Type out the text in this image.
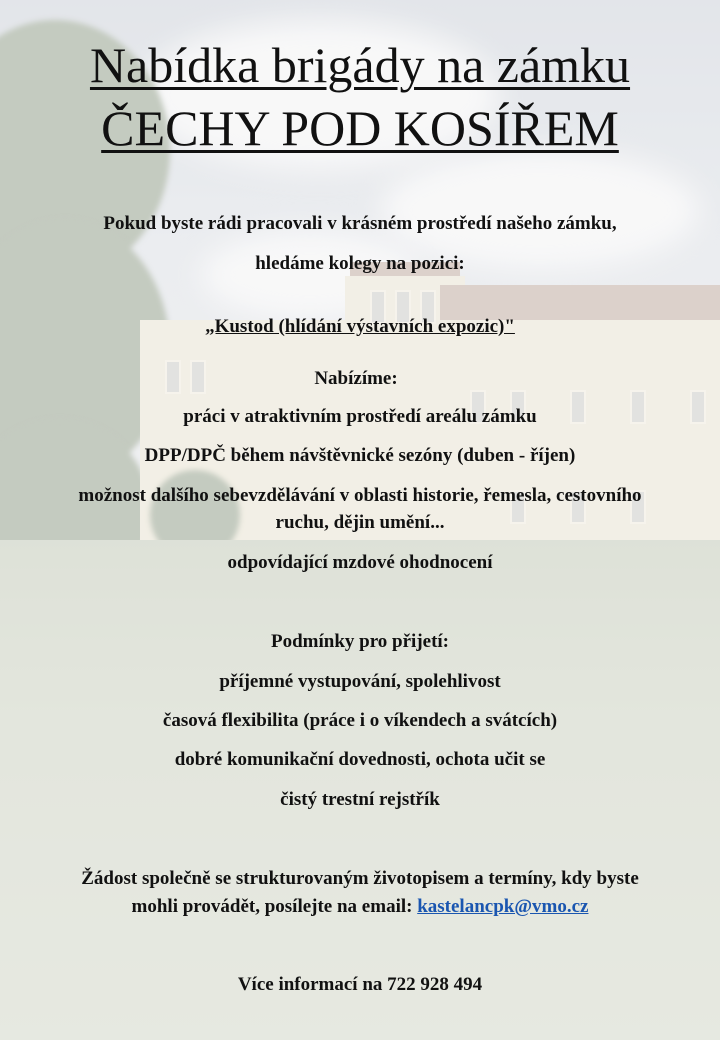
Nabídka brigády na zámku
ČECHY POD KOSÍŘEM
Pokud byste rádi pracovali v krásném prostředí našeho zámku,
hledáme kolegy na pozici:
„Kustod (hlídání výstavních expozic)"
Nabízíme:
práci v atraktivním prostředí areálu zámku
DPP/DPČ během návštěvnické sezóny (duben - říjen)
možnost dalšího sebevzdělávání v oblasti historie, řemesla, cestovního
ruchu, dějin umění...
odpovídající mzdové ohodnocení
Podmínky pro přijetí:
příjemné vystupování, spolehlivost
časová flexibilita (práce i o víkendech a svátcích)
dobré komunikační dovednosti, ochota učit se
čistý trestní rejstřík
Žádost společně se strukturovaným životopisem a termíny, kdy byste
mohli provádět, posílejte na email: kastelancpk@vmo.cz
Více informací na 722 928 494
